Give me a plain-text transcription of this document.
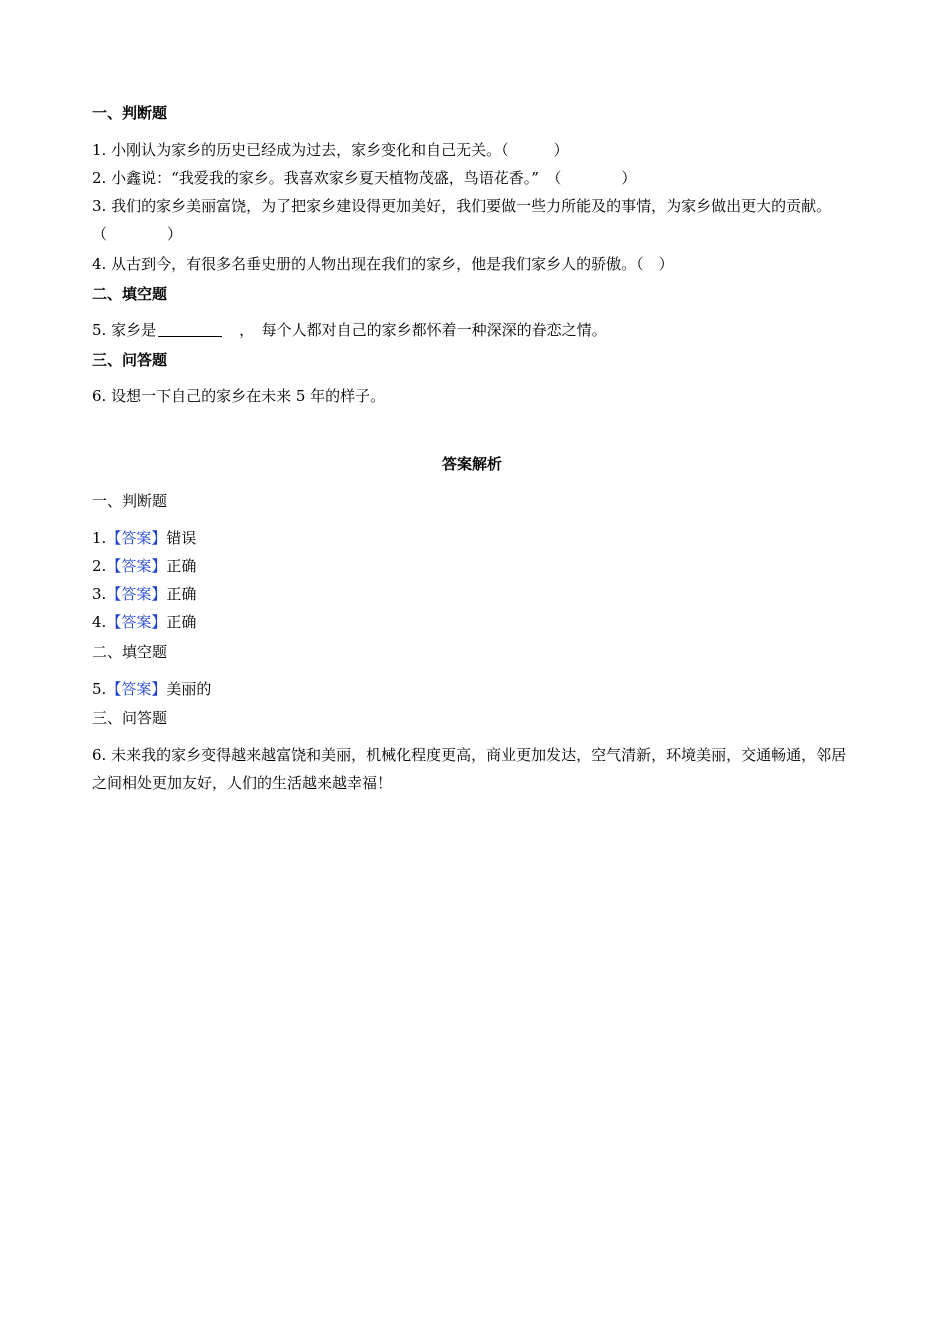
一、判断题
1. 小刚认为家乡的历史已经成为过去，家乡变化和自己无关。（　　　）
2. 小鑫说：“我爱我的家乡。我喜欢家乡夏天植物茂盛，鸟语花香。”　（　　　　）
3. 我们的家乡美丽富饶，为了把家乡建设得更加美好，我们要做一些力所能及的事情，为家乡做出更大的贡献。　（　　　　）
4. 从古到今，有很多名垂史册的人物出现在我们的家乡，他是我们家乡人的骄傲。（　）
二、填空题
5. 家乡是	　，　每个人都对自己的家乡都怀着一种深深的眷恋之情。
三、问答题
6. 设想一下自己的家乡在未来 5 年的样子。
答案解析
一、判断题
1.【答案】错误
2.【答案】正确
3.【答案】正确
4.【答案】正确
二、填空题
5.【答案】美丽的
三、问答题
6. 未来我的家乡变得越来越富饶和美丽，机械化程度更高，商业更加发达，空气清新，环境美丽，交通畅通，邻居之间相处更加友好，人们的生活越来越幸福！
